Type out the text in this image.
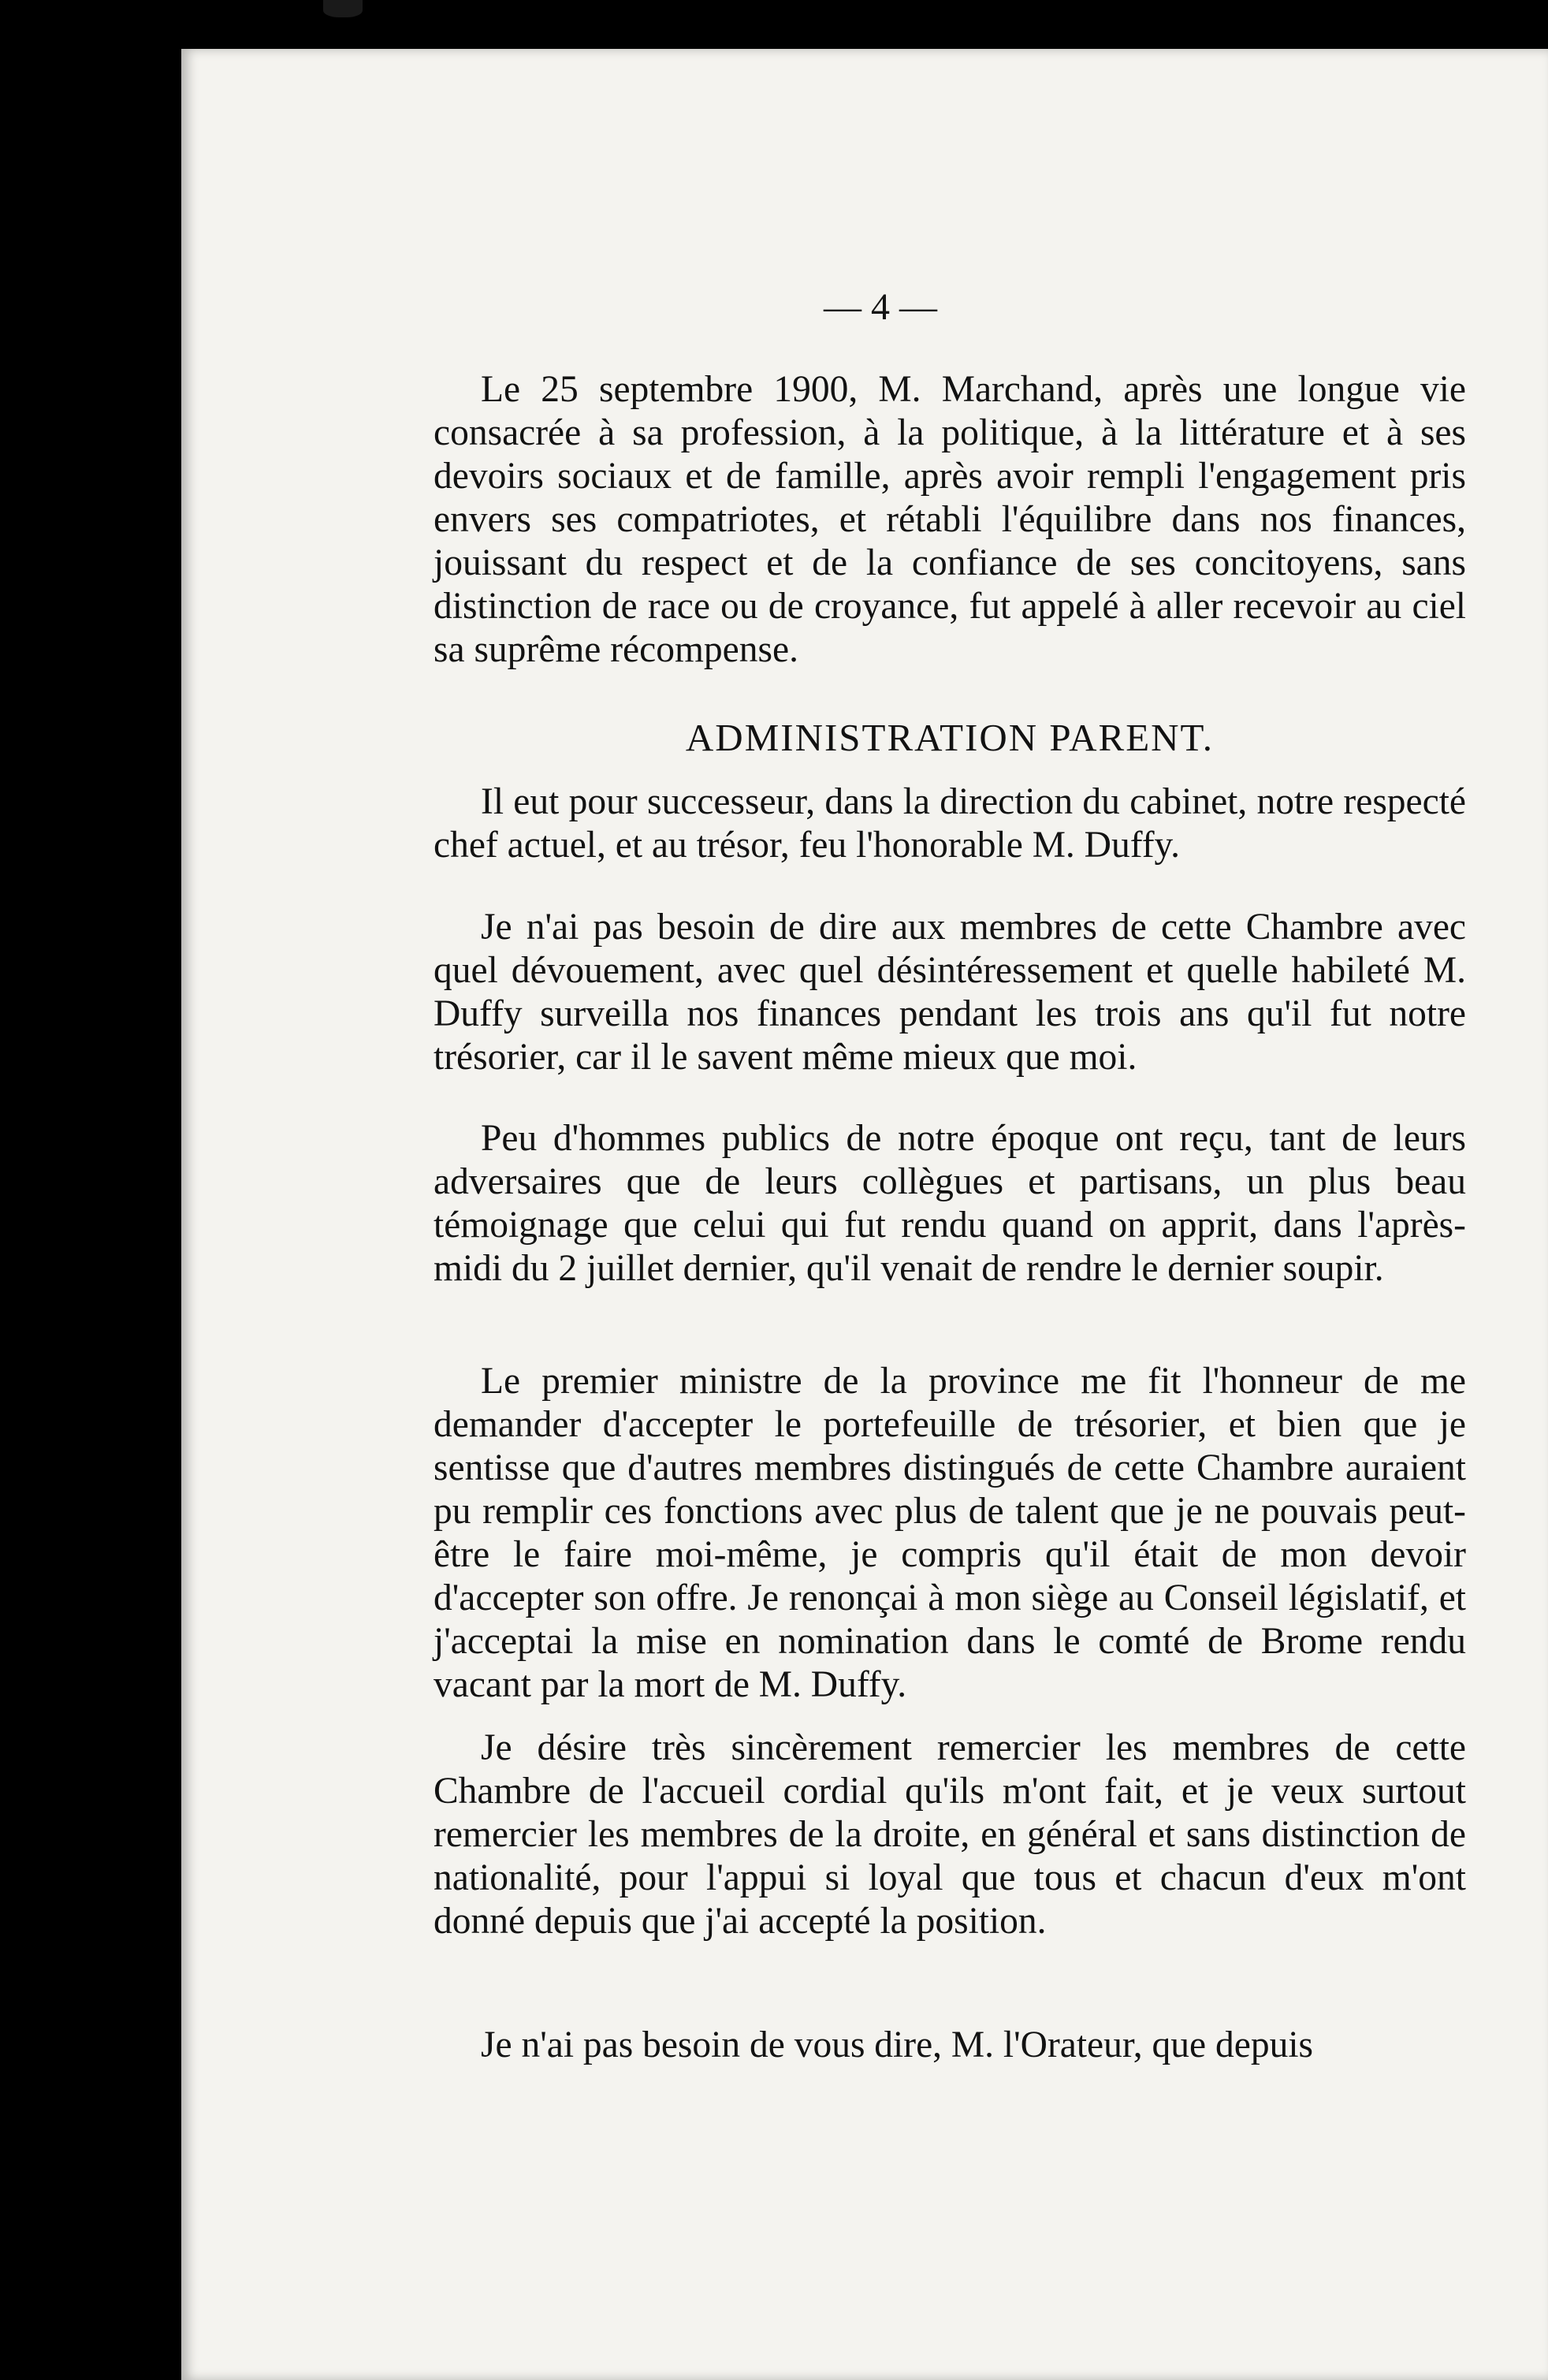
— 4 —

Le 25 septembre 1900, M. Marchand, après une longue vie consacrée à sa profession, à la politique, à la littérature et à ses devoirs sociaux et de famille, après avoir rempli l'engagement pris envers ses compatriotes, et rétabli l'équilibre dans nos finances, jouissant du respect et de la confiance de ses concitoyens, sans distinction de race ou de croyance, fut appelé à aller recevoir au ciel sa suprême récompense.

ADMINISTRATION PARENT.

Il eut pour successeur, dans la direction du cabinet, notre respecté chef actuel, et au trésor, feu l'honorable M. Duffy.

Je n'ai pas besoin de dire aux membres de cette Chambre avec quel dévouement, avec quel désintéressement et quelle habileté M. Duffy surveilla nos finances pendant les trois ans qu'il fut notre trésorier, car il le savent même mieux que moi.

Peu d'hommes publics de notre époque ont reçu, tant de leurs adversaires que de leurs collègues et partisans, un plus beau témoignage que celui qui fut rendu quand on apprit, dans l'après-midi du 2 juillet dernier, qu'il venait de rendre le dernier soupir.

Le premier ministre de la province me fit l'honneur de me demander d'accepter le portefeuille de trésorier, et bien que je sentisse que d'autres membres distingués de cette Chambre auraient pu remplir ces fonctions avec plus de talent que je ne pouvais peut-être le faire moi-même, je compris qu'il était de mon devoir d'accepter son offre. Je renonçai à mon siège au Conseil législatif, et j'acceptai la mise en nomination dans le comté de Brome rendu vacant par la mort de M. Duffy.

Je désire très sincèrement remercier les membres de cette Chambre de l'accueil cordial qu'ils m'ont fait, et je veux surtout remercier les membres de la droite, en général et sans distinction de nationalité, pour l'appui si loyal que tous et chacun d'eux m'ont donné depuis que j'ai accepté la position.

Je n'ai pas besoin de vous dire, M. l'Orateur, que depuis
